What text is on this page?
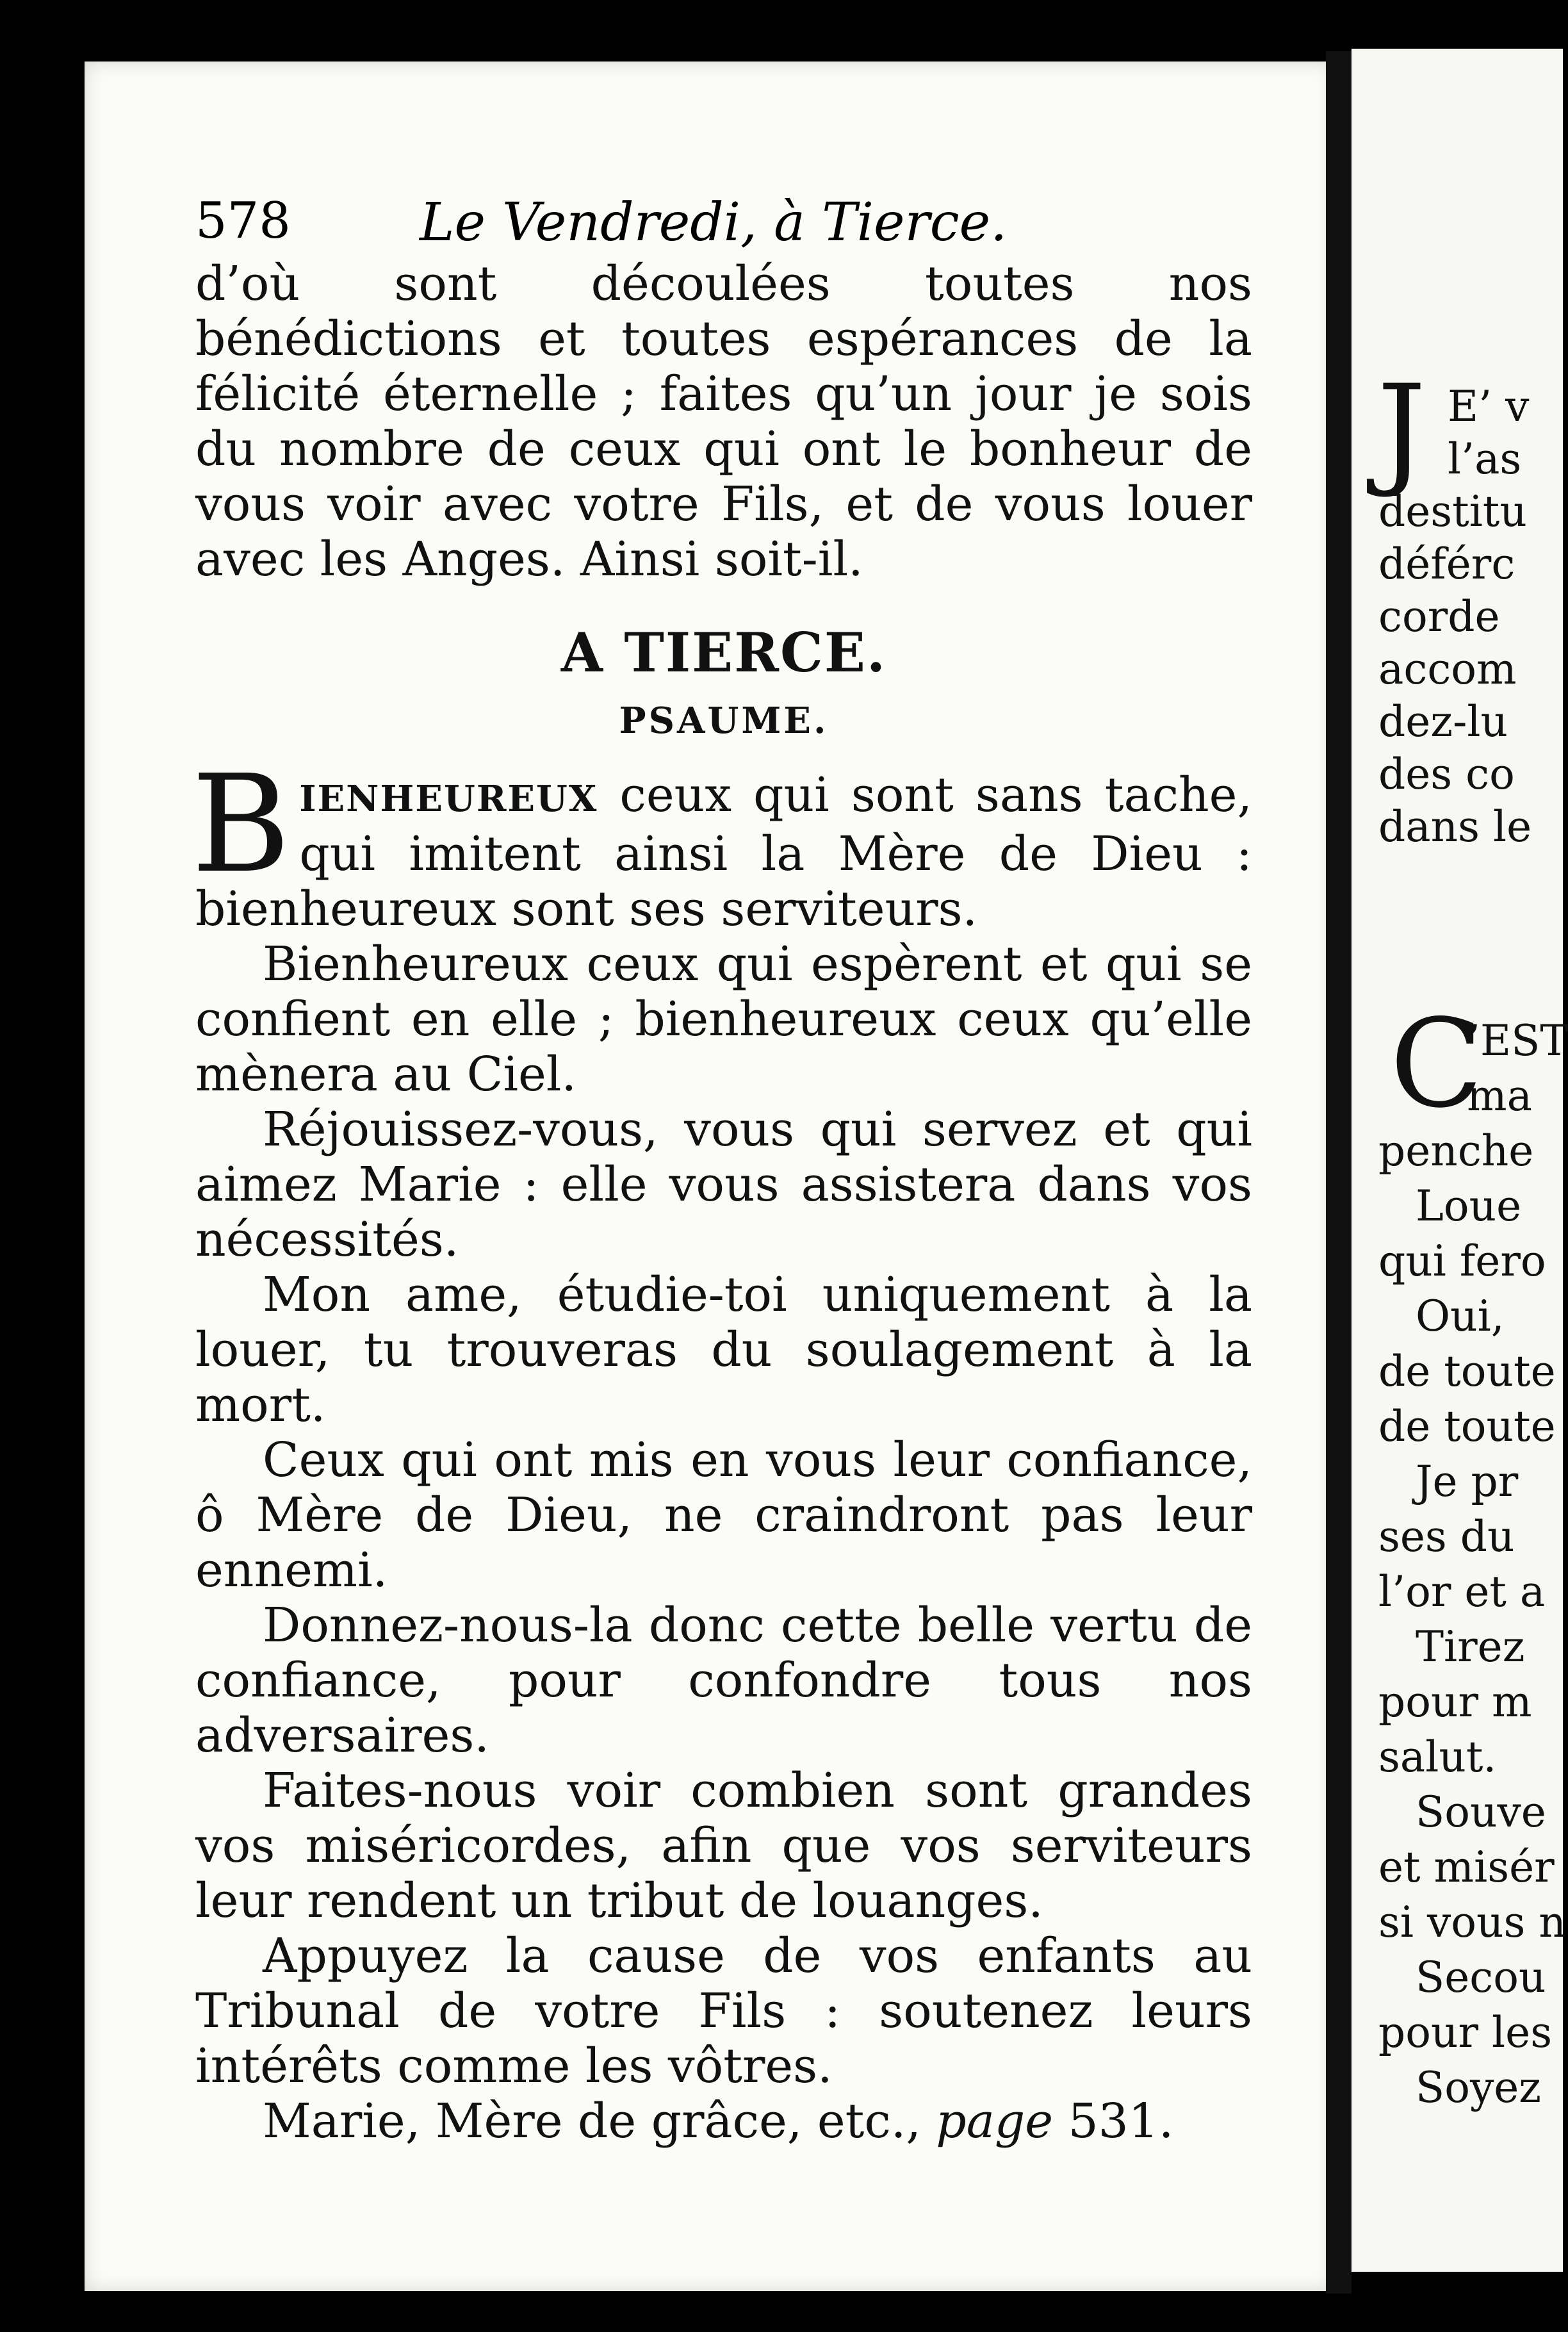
J E’ v
l’as
destitu
déférc
corde
accom
dez-lu
des co
dans le
C
’EST
ma
penche
Loue
qui fero
Oui,
de toute
de toute
Je pr
ses du
l’or et a
Tirez
pour m
salut.
Souve
et misér
si vous n
Secou
pour les
Soyez
578 Le Vendredi, à Tierce.

d’où sont découlées toutes nos bénédictions et toutes espérances de la félicité éternelle ; faites qu’un jour je sois du nombre de ceux qui ont le bonheur de vous voir avec votre Fils, et de vous louer avec les Anges. Ainsi soit-il.

A TIERCE.

PSAUME.

BIENHEUREUX ceux qui sont sans tache, qui imitent ainsi la Mère de Dieu : bienheureux sont ses serviteurs.

Bienheureux ceux qui espèrent et qui se confient en elle ; bienheureux ceux qu’elle mènera au Ciel.

Réjouissez-vous, vous qui servez et qui aimez Marie : elle vous assistera dans vos nécessités.

Mon ame, étudie-toi uniquement à la louer, tu trouveras du soulagement à la mort.

Ceux qui ont mis en vous leur confiance, ô Mère de Dieu, ne craindront pas leur ennemi.

Donnez-nous-la donc cette belle vertu de confiance, pour confondre tous nos adversaires.

Faites-nous voir combien sont grandes vos miséricordes, afin que vos serviteurs leur rendent un tribut de louanges.

Appuyez la cause de vos enfants au Tribunal de votre Fils : soutenez leurs intérêts comme les vôtres.

Marie, Mère de grâce, etc., page 531.
